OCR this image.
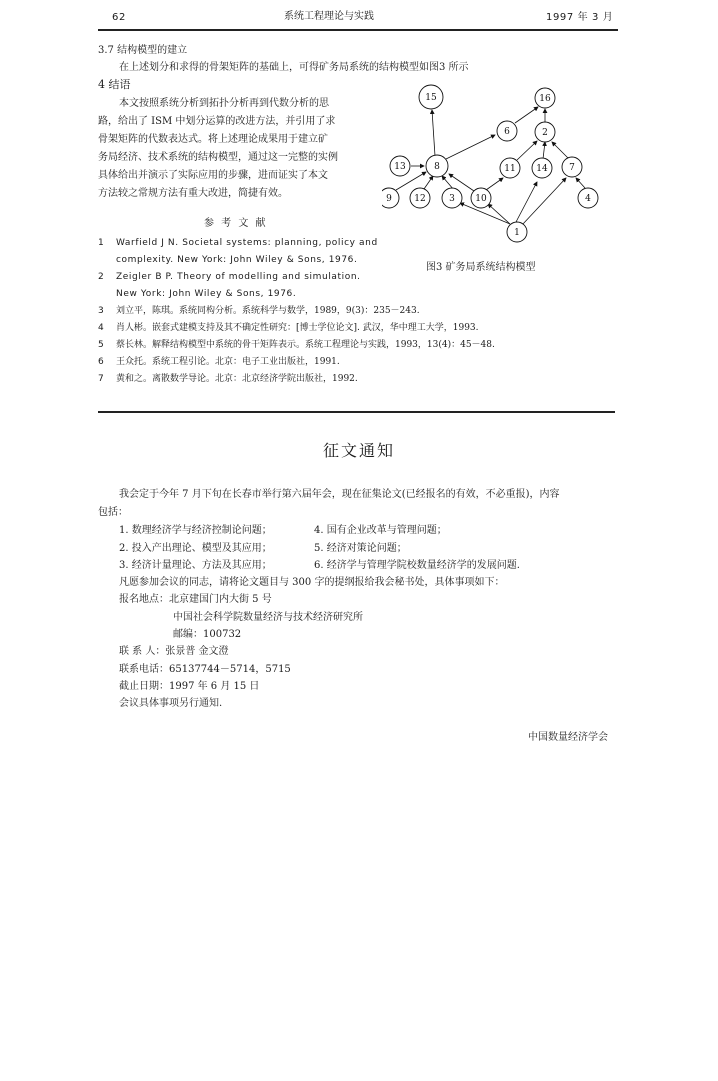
62	系统工程理论与实践	1997 年 3 月
3.7 结构模型的建立
在上述划分和求得的骨架矩阵的基础上，可得矿务局系统的结构模型如图3 所示
4 结语
本文按照系统分析到拓扑分析再到代数分析的思
路，给出了 ISM 中划分运算的改进方法，并引用了求
骨架矩阵的代数表达式。将上述理论成果用于建立矿
务局经济、技术系统的结构模型，通过这一完整的实例
具体给出并演示了实际应用的步骤，进而证实了本文
方法较之常规方法有重大改进，简捷有效。
参 考 文 献
1 Warfield J N. Societal systems: planning, policy and
complexity. New York: John Wiley & Sons, 1976.
2 Zeigler B P. Theory of modelling and simulation.
New York: John Wiley & Sons, 1976.
3 刘立平，陈琪。系统同构分析。系统科学与数学，1989，9(3)：235－243.
4 肖人彬。嵌套式建模支持及其不确定性研究：[博士学位论文]. 武汉，华中理工大学，1993.
5 蔡长林。解释结构模型中系统的骨干矩阵表示。系统工程理论与实践，1993，13(4)：45－48.
6 王众托。系统工程引论。北京：电子工业出版社，1991.
7 黄和之。离散数学导论。北京：北京经济学院出版社，1992.
15	16
6	2
13	8	11 14 7
9 12	3 10	4
1
图3 矿务局系统结构模型
征文通知
我会定于今年 7 月下旬在长春市举行第六届年会，现在征集论文(已经报名的有效，不必重报)，内容
包括：
1. 数理经济学与经济控制论问题；	4. 国有企业改革与管理问题；
2. 投入产出理论、模型及其应用；	5. 经济对策论问题；
3. 经济计量理论、方法及其应用；	6. 经济学与管理学院校数量经济学的发展问题.
凡愿参加会议的同志，请将论文题目与 300 字的提纲报给我会秘书处，具体事项如下：
报名地点：北京建国门内大街 5 号
中国社会科学院数量经济与技术经济研究所
邮编：100732
联 系 人：张景普 金文澄
联系电话：65137744－5714，5715
截止日期：1997 年 6 月 15 日
会议具体事项另行通知.
中国数量经济学会
